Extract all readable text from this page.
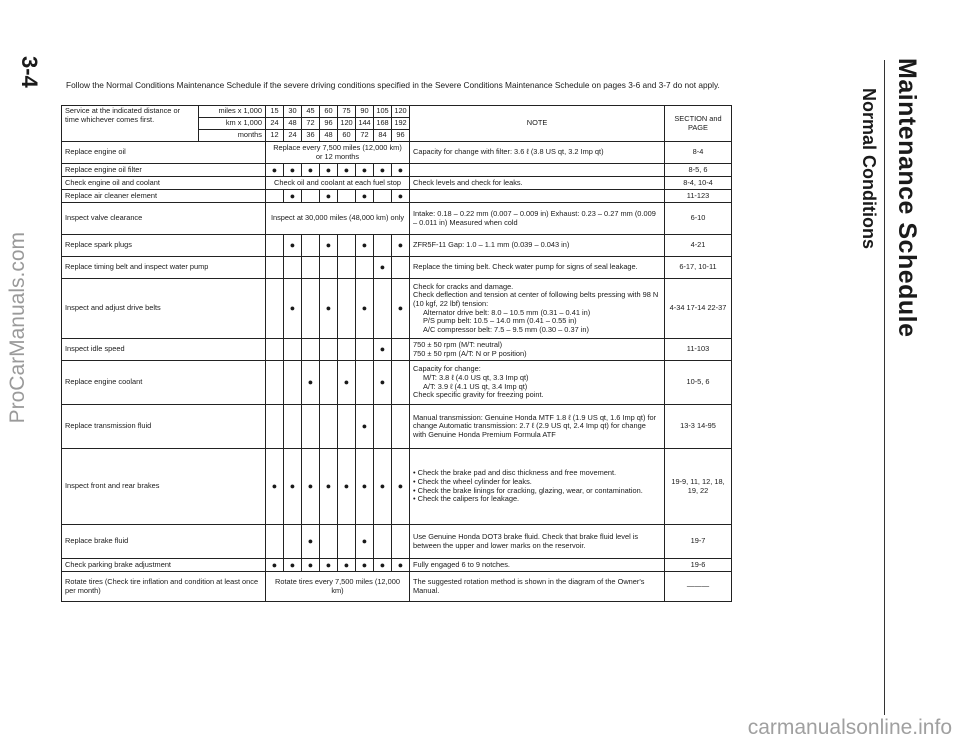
3-4	Maintenance Schedule
Normal Conditions
ProCarManuals.com
carmanualsonline.info
Follow the Normal Conditions Maintenance Schedule if the severe driving conditions specified in the Severe Conditions Maintenance Schedule on pages 3-6 and 3-7 do not apply.
Service at the indicated distance or time whichever comes first.	miles x 1,000	15	30	45	60	75	90	105	120	NOTE	SECTION and PAGE
	km x 1,000	24	48	72	96	120	144	168	192		
	months	12	24	36	48	60	72	84	96		
Replace engine oil		Replace every 7,500 miles (12,000 km) or 12 months								Capacity for change with filter: 3.6 ℓ (3.8 US qt, 3.2 Imp qt)	8-4
Replace engine oil filter		●	●	●	●	●	●	●	●		8-5, 6
Check engine oil and coolant		Check oil and coolant at each fuel stop								Check levels and check for leaks.	8-4, 10-4
Replace air cleaner element			●		●		●		●		11-123
Inspect valve clearance		Inspect at 30,000 miles (48,000 km) only								Intake: 0.18 – 0.22 mm (0.007 – 0.009 in) Exhaust: 0.23 – 0.27 mm (0.009 – 0.011 in) Measured when cold	6-10
Replace spark plugs			●		●		●		●	ZFR5F-11 Gap: 1.0 – 1.1 mm (0.039 – 0.043 in)	4-21
Replace timing belt and inspect water pump								●		Replace the timing belt. Check water pump for signs of seal leakage.	6-17, 10-11
Inspect and adjust drive belts			●		●		●		●	Check for cracks and damage.
Check deflection and tension at center of following belts pressing with 98 N (10 kgf, 22 lbf) tension:
Alternator drive belt: 8.0 – 10.5 mm (0.31 – 0.41 in)
P/S pump belt: 10.5 – 14.0 mm (0.41 – 0.55 in)
A/C compressor belt: 7.5 – 9.5 mm (0.30 – 0.37 in)	4-34 17-14 22-37
Inspect idle speed								●		750 ± 50 rpm (M/T: neutral)
750 ± 50 rpm (A/T: N or P position)	11-103
Replace engine coolant				●		●		●		Capacity for change:
M/T: 3.8 ℓ (4.0 US qt, 3.3 Imp qt)
A/T: 3.9 ℓ (4.1 US qt, 3.4 Imp qt)
Check specific gravity for freezing point.	10-5, 6
Replace transmission fluid							●			Manual transmission: Genuine Honda MTF 1.8 ℓ (1.9 US qt, 1.6 Imp qt) for change Automatic transmission: 2.7 ℓ (2.9 US qt, 2.4 Imp qt) for change with Genuine Honda Premium Formula ATF	13-3 14-95
Inspect front and rear brakes		●	●	●	●	●	●	●	●	• Check the brake pad and disc thickness and free movement.
• Check the wheel cylinder for leaks.
• Check the brake linings for cracking, glazing, wear, or contamination.
• Check the calipers for leakage.	19-9, 11, 12, 18, 19, 22
Replace brake fluid				●			●			Use Genuine Honda DOT3 brake fluid. Check that brake fluid level is between the upper and lower marks on the reservoir.	19-7
Check parking brake adjustment		●	●	●	●	●	●	●	●	Fully engaged 6 to 9 notches.	19-6
Rotate tires (Check tire inflation and condition at least once per month)		Rotate tires every 7,500 miles (12,000 km)								The suggested rotation method is shown in the diagram of the Owner's Manual.	———
